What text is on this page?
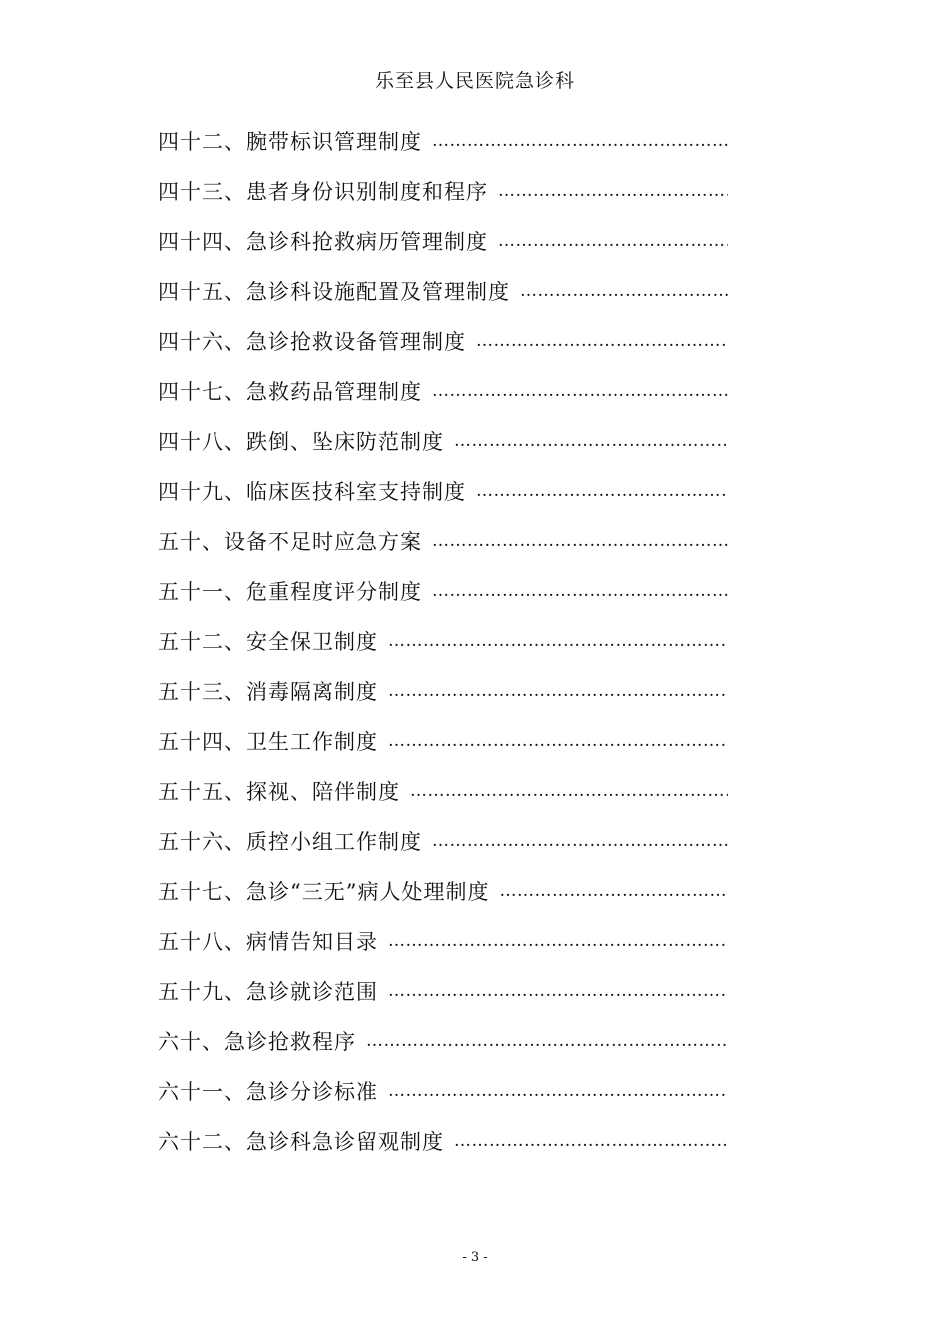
乐至县人民医院急诊科
四十二、腕带标识管理制度
……………………………………………………………………………………………………………
四十三、患者身份识别制度和程序
……………………………………………………………………………………………………………
四十四、急诊科抢救病历管理制度
……………………………………………………………………………………………………………
四十五、急诊科设施配置及管理制度
……………………………………………………………………………………………………………
四十六、急诊抢救设备管理制度
……………………………………………………………………………………………………………
四十七、急救药品管理制度
……………………………………………………………………………………………………………
四十八、跌倒、坠床防范制度
……………………………………………………………………………………………………………
四十九、临床医技科室支持制度
……………………………………………………………………………………………………………
五十、设备不足时应急方案
……………………………………………………………………………………………………………
五十一、危重程度评分制度
……………………………………………………………………………………………………………
五十二、安全保卫制度
……………………………………………………………………………………………………………
五十三、消毒隔离制度
……………………………………………………………………………………………………………
五十四、卫生工作制度
……………………………………………………………………………………………………………
五十五、探视、陪伴制度
……………………………………………………………………………………………………………
五十六、质控小组工作制度
……………………………………………………………………………………………………………
五十七、急诊“三无”病人处理制度
……………………………………………………………………………………………………………
五十八、病情告知目录
……………………………………………………………………………………………………………
五十九、急诊就诊范围
……………………………………………………………………………………………………………
六十、急诊抢救程序
……………………………………………………………………………………………………………
六十一、急诊分诊标准
……………………………………………………………………………………………………………
六十二、急诊科急诊留观制度
……………………………………………………………………………………………………………
- 3 -
